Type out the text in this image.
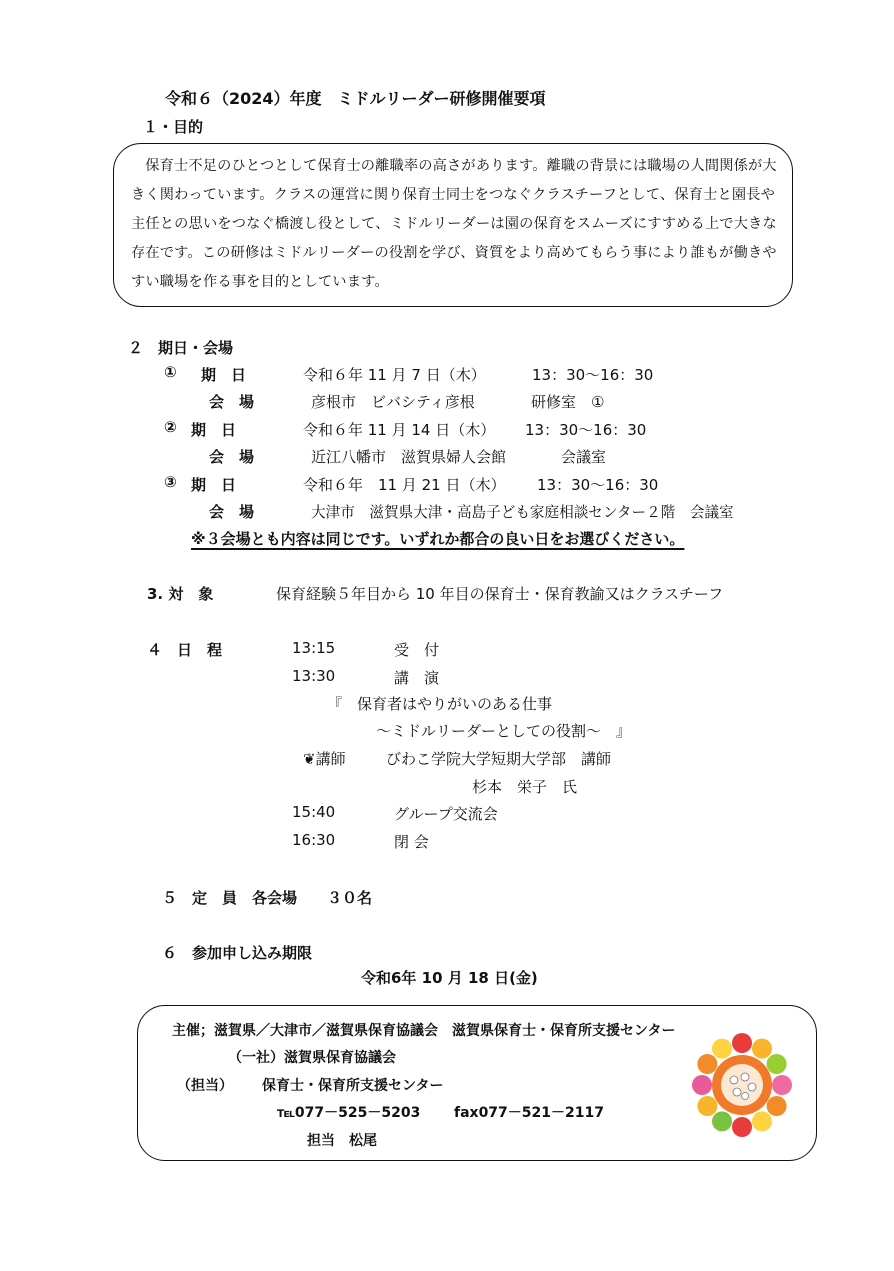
令和６（2024）年度　ミドルリーダー研修開催要項
１・目的

保育士不足のひとつとして保育士の離職率の高さがあります。離職の背景には職場の人間関係が大きく関わっています。クラスの運営に関り保育士同士をつなぐクラスチーフとして、保育士と園長や主任との思いをつなぐ橋渡し役として、ミドルリーダーは園の保育をスムーズにすすめる上で大きな存在です。この研修はミドルリーダーの役割を学び、資質をより高めてもらう事により誰もが働きやすい職場を作る事を目的としています。

２　期日・会場
① 期　日	令和６年 11 月 7 日（木）	13：30～16：30
会　場	彦根市　ビバシティ彦根	研修室　①
② 期　日	令和６年 11 月 14 日（木） 13：30～16：30
会　場	近江八幡市　滋賀県婦人会館	会議室
③ 期　日	令和６年　11 月 21 日（木） 13：30～16：30
会　場	大津市　滋賀県大津・高島子ども家庭相談センター２階　会議室
※３会場とも内容は同じです。いずれか都合の良い日をお選びください。
3. 対　象	保育経験５年目から 10 年目の保育士・保育教諭又はクラスチーフ
４　日　程	13:15	受　付
13:30	講　演
『　保育者はやりがいのある仕事
～ミドルリーダーとしての役割～　』
❦講師	びわこ学院大学短期大学部　講師
杉本　栄子　氏
15:40	グループ交流会
16:30	閉 会
５　定　員　各会場　　３０名
６　参加申し込み期限
令和6年 10 月 18 日(金)
主催；滋賀県／大津市／滋賀県保育協議会　滋賀県保育士・保育所支援センター
（一社）滋賀県保育協議会
（担当） 保育士・保育所支援センター
℡077－525－5203 fax077－521－2117
担当　松尾
